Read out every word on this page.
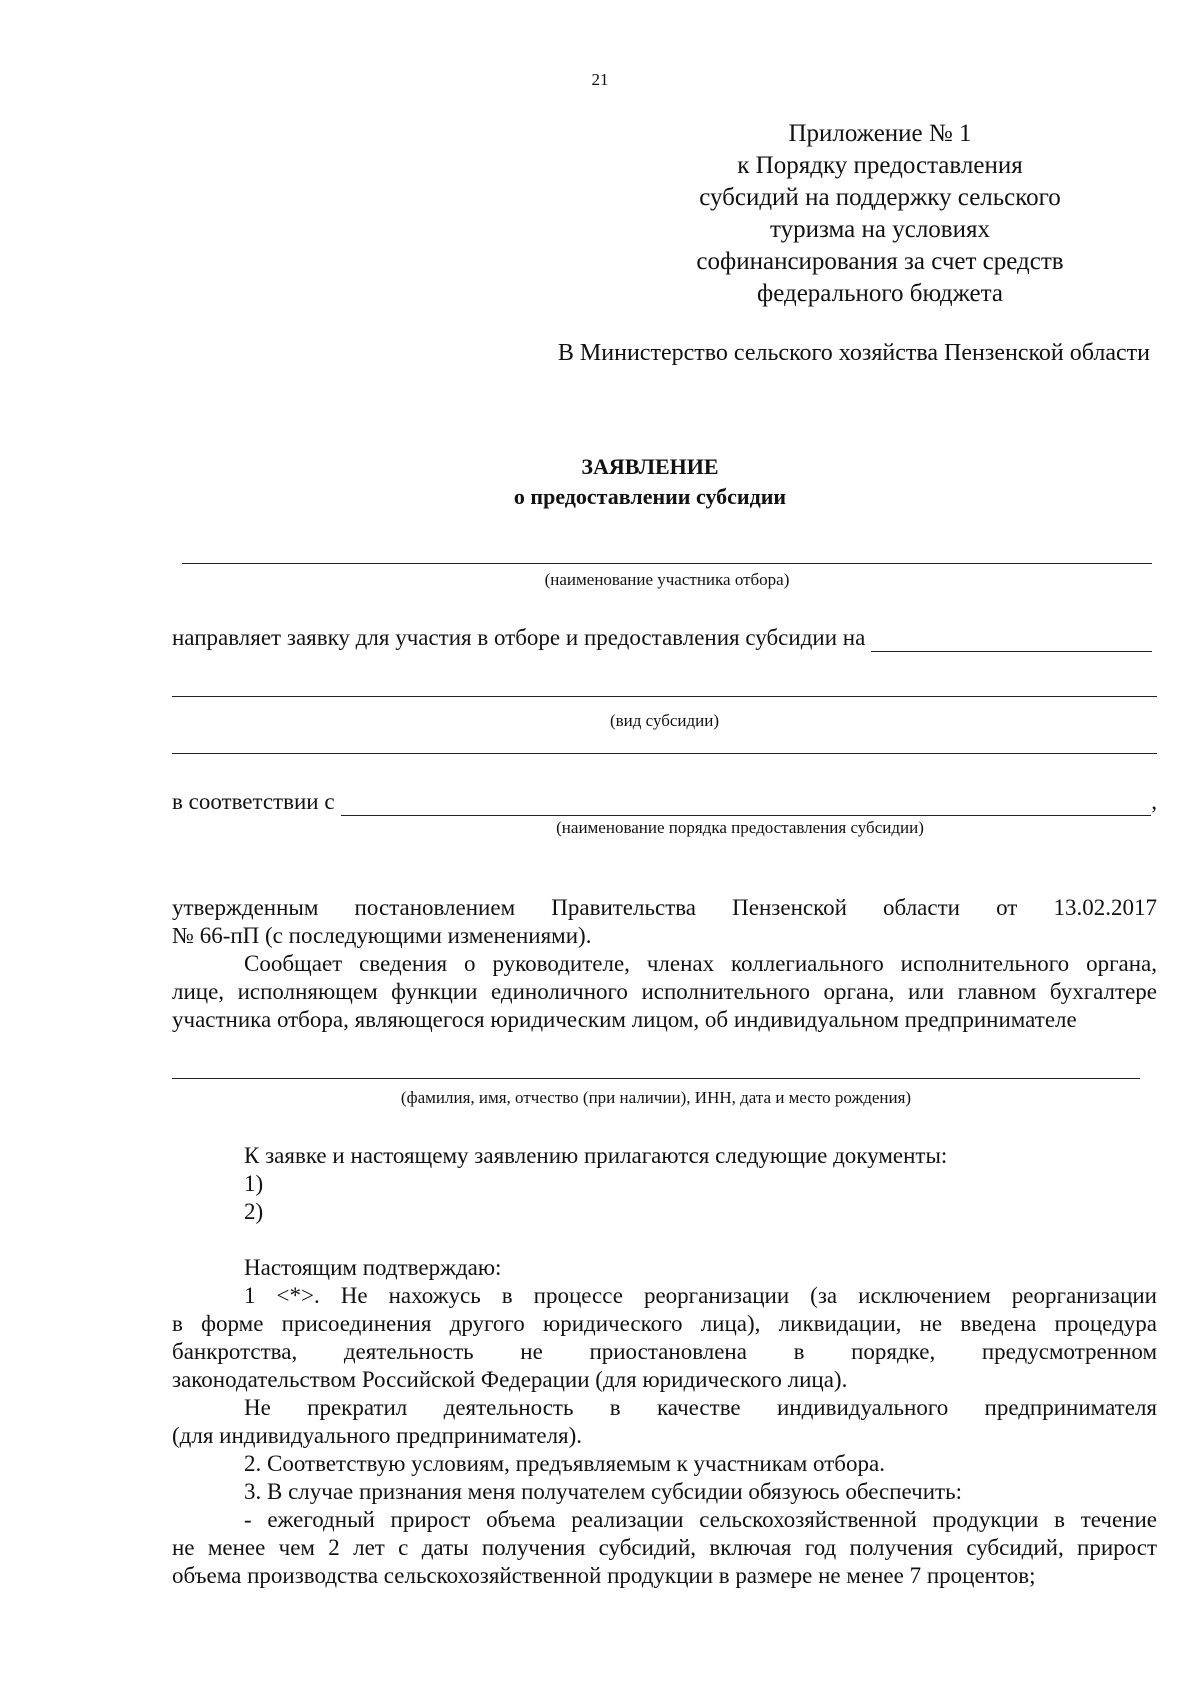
21
Приложение № 1
к Порядку предоставления
субсидий на поддержку сельского
туризма на условиях
софинансирования за счет средств
федерального бюджета
В Министерство сельского хозяйства Пензенской области
ЗАЯВЛЕНИЕ
о предоставлении субсидии
(наименование участника отбора)
направляет заявку для участия в отборе и предоставления субсидии на
(вид субсидии)
в соответствии с	,
(наименование порядка предоставления субсидии)
утвержденным постановлением Правительства Пензенской области от 13.02.2017
№ 66-пП (с последующими изменениями).
Сообщает сведения о руководителе, членах коллегиального исполнительного органа,
лице, исполняющем функции единоличного исполнительного органа, или главном бухгалтере
участника отбора, являющегося юридическим лицом, об индивидуальном предпринимателе
(фамилия, имя, отчество (при наличии), ИНН, дата и место рождения)
К заявке и настоящему заявлению прилагаются следующие документы:
1)
2)
Настоящим подтверждаю:
1 <*>. Не нахожусь в процессе реорганизации (за исключением реорганизации
в форме присоединения другого юридического лица), ликвидации, не введена процедура
банкротства, деятельность не приостановлена в порядке, предусмотренном
законодательством Российской Федерации (для юридического лица).
Не прекратил деятельность в качестве индивидуального предпринимателя
(для индивидуального предпринимателя).
2. Соответствую условиям, предъявляемым к участникам отбора.
3. В случае признания меня получателем субсидии обязуюсь обеспечить:
- ежегодный прирост объема реализации сельскохозяйственной продукции в течение
не менее чем 2 лет с даты получения субсидий, включая год получения субсидий, прирост
объема производства сельскохозяйственной продукции в размере не менее 7 процентов;
